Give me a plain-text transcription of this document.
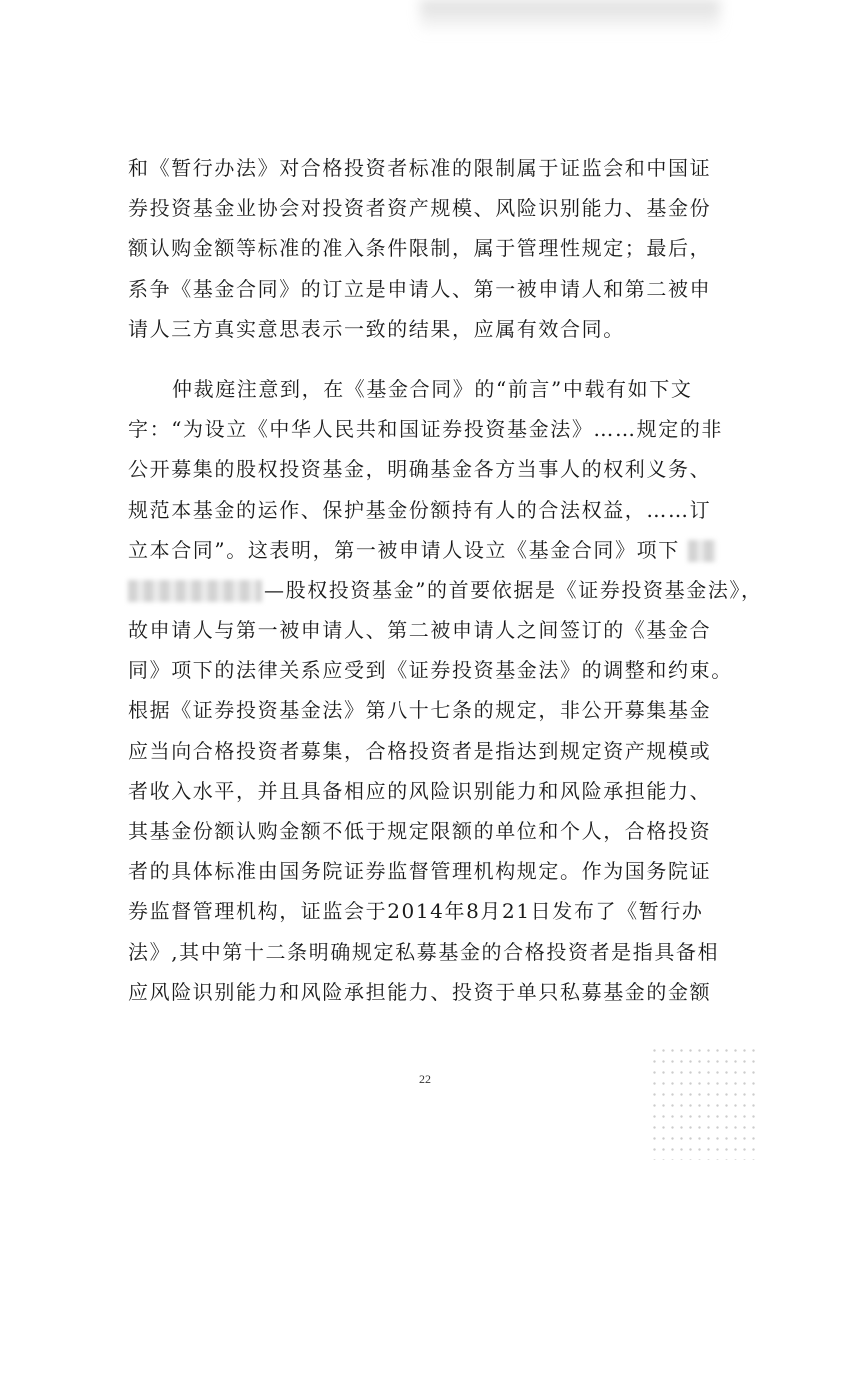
和《暂行办法》对合格投资者标准的限制属于证监会和中国证
券投资基金业协会对投资者资产规模、风险识别能力、基金份
额认购金额等标准的准入条件限制，属于管理性规定；最后，
系争《基金合同》的订立是申请人、第一被申请人和第二被申
请人三方真实意思表示一致的结果，应属有效合同。
仲裁庭注意到，在《基金合同》的“前言”中载有如下文
字：“为设立《中华人民共和国证券投资基金法》……规定的非
公开募集的股权投资基金，明确基金各方当事人的权利义务、
规范本基金的运作、保护基金份额持有人的合法权益，……订
立本合同”。这表明，第一被申请人设立《基金合同》项下
—股权投资基金”的首要依据是《证券投资基金法》，
故申请人与第一被申请人、第二被申请人之间签订的《基金合
同》项下的法律关系应受到《证券投资基金法》的调整和约束。
根据《证券投资基金法》第八十七条的规定，非公开募集基金
应当向合格投资者募集，合格投资者是指达到规定资产规模或
者收入水平，并且具备相应的风险识别能力和风险承担能力、
其基金份额认购金额不低于规定限额的单位和个人，合格投资
者的具体标准由国务院证券监督管理机构规定。作为国务院证
券监督管理机构，证监会于2014年8月21日发布了《暂行办
法》,其中第十二条明确规定私募基金的合格投资者是指具备相
应风险识别能力和风险承担能力、投资于单只私募基金的金额
22
